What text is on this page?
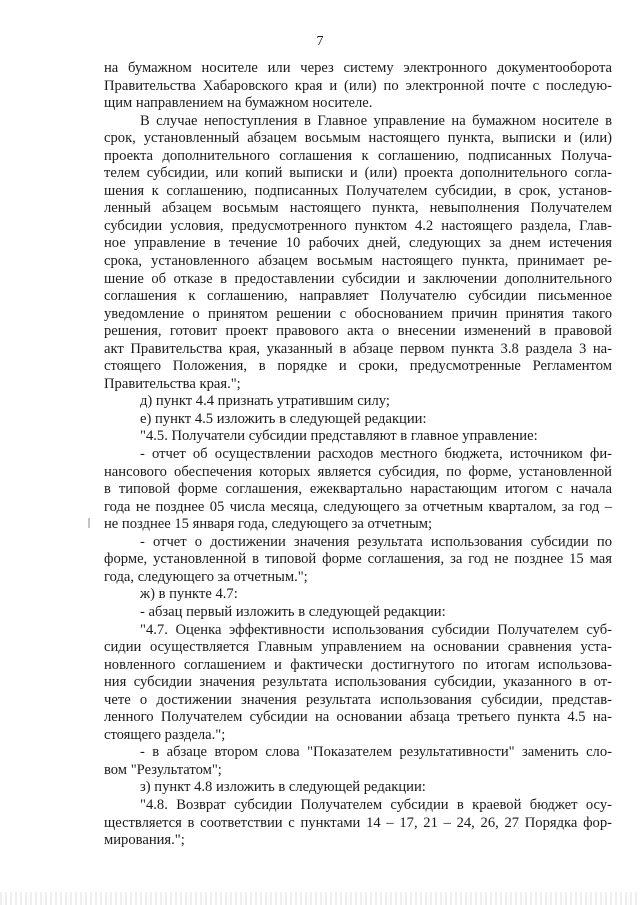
7
на бумажном носителе или через систему электронного документооборота
Правительства Хабаровского края и (или) по электронной почте с последую-
щим направлением на бумажном носителе.
В случае непоступления в Главное управление на бумажном носителе в
срок, установленный абзацем восьмым настоящего пункта, выписки и (или)
проекта дополнительного соглашения к соглашению, подписанных Получа-
телем субсидии, или копий выписки и (или) проекта дополнительного согла-
шения к соглашению, подписанных Получателем субсидии, в срок, установ-
ленный абзацем восьмым настоящего пункта, невыполнения Получателем
субсидии условия, предусмотренного пунктом 4.2 настоящего раздела, Глав-
ное управление в течение 10 рабочих дней, следующих за днем истечения
срока, установленного абзацем восьмым настоящего пункта, принимает ре-
шение об отказе в предоставлении субсидии и заключении дополнительного
соглашения к соглашению, направляет Получателю субсидии письменное
уведомление о принятом решении с обоснованием причин принятия такого
решения, готовит проект правового акта о внесении изменений в правовой
акт Правительства края, указанный в абзаце первом пункта 3.8 раздела 3 на-
стоящего Положения, в порядке и сроки, предусмотренные Регламентом
Правительства края.";
д) пункт 4.4 признать утратившим силу;
е) пункт 4.5 изложить в следующей редакции:
"4.5. Получатели субсидии представляют в главное управление:
- отчет об осуществлении расходов местного бюджета, источником фи-
нансового обеспечения которых является субсидия, по форме, установленной
в типовой форме соглашения, ежеквартально нарастающим итогом с начала
года не позднее 05 числа месяца, следующего за отчетным кварталом, за год –
не позднее 15 января года, следующего за отчетным;
- отчет о достижении значения результата использования субсидии по
форме, установленной в типовой форме соглашения, за год не позднее 15 мая
года, следующего за отчетным.";
ж) в пункте 4.7:
- абзац первый изложить в следующей редакции:
"4.7. Оценка эффективности использования субсидии Получателем суб-
сидии осуществляется Главным управлением на основании сравнения уста-
новленного соглашением и фактически достигнутого по итогам использова-
ния субсидии значения результата использования субсидии, указанного в от-
чете о достижении значения результата использования субсидии, представ-
ленного Получателем субсидии на основании абзаца третьего пункта 4.5 на-
стоящего раздела.";
- в абзаце втором слова "Показателем результативности" заменить сло-
вом "Результатом";
з) пункт 4.8 изложить в следующей редакции:
"4.8. Возврат субсидии Получателем субсидии в краевой бюджет осу-
ществляется в соответствии с пунктами 14 – 17, 21 – 24, 26, 27 Порядка фор-
мирования.";
